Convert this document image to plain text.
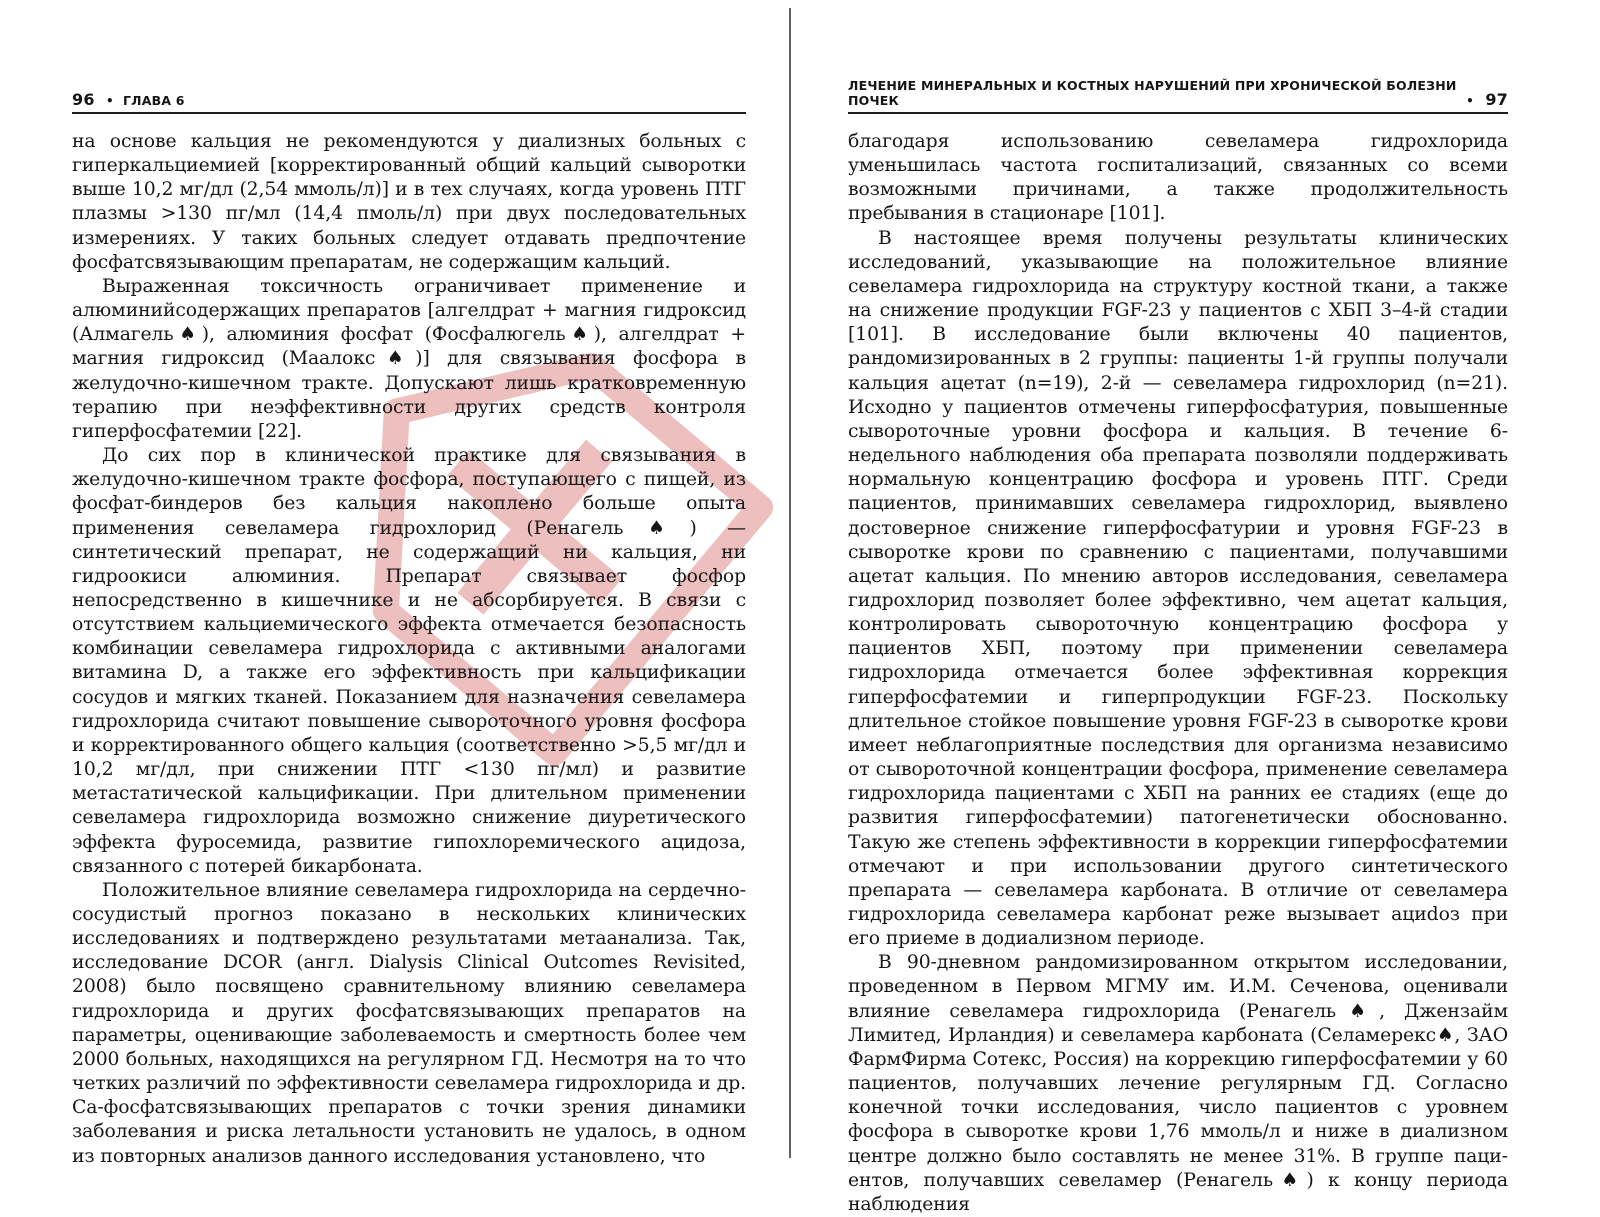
96 • ГЛАВА 6

на основе кальция не рекомендуются у диализных больных с гиперкальциемией [корректированный общий кальций сыворотки выше 10,2 мг/дл (2,54 ммоль/л)] и в тех случаях, когда уровень ПТГ плазмы >130 пг/мл (14,4 пмоль/л) при двух последовательных измерениях. У таких больных следует отдавать предпочтение фосфатсвязывающим препаратам, не содержащим кальций.

Выраженная токсичность ограничивает применение и алюминийсодержащих препаратов [алгелдрат + магния гидроксид (Алмагель♠), алюминия фосфат (Фосфалюгель♠), алгелдрат + магния гидроксид (Маалокс♠)] для связывания фосфора в желудочно-кишечном тракте. Допускают лишь кратковременную терапию при неэффективности других средств контроля гиперфосфатемии [22].

До сих пор в клинической практике для связывания в желудочно-кишечном тракте фосфора, поступающего с пищей, из фосфат-биндеров без кальция накоплено больше опыта применения севеламера гидрохлорид (Ренагель♠) — синтетический препарат, не содержащий ни кальция, ни гидроокиси алюминия. Препарат связывает фосфор непосредственно в кишечнике и не абсорбируется. В связи с отсутствием кальциемического эффекта отмечается безопасность комбинации севеламера гидрохлорида с активными аналогами витамина D, а также его эффективность при кальцификации сосудов и мягких тканей. Показанием для назначения севеламера гидрохлорида считают повышение сывороточного уровня фосфора и корректированного общего кальция (соответственно >5,5 мг/дл и 10,2 мг/дл, при снижении ПТГ <130 пг/мл) и развитие метастатической кальцификации. При длительном применении севеламера гидрохлорида возможно снижение диуретического эффекта фуросемида, развитие гипохлоремического ацидоза, связанного с потерей бикарбоната.

Положительное влияние севеламера гидрохлорида на сердечно-сосудистый прогноз показано в нескольких клинических исследованиях и подтверждено результатами метаанализа. Так, исследование DCOR (англ. Dialysis Clinical Outcomes Revisited, 2008) было посвящено сравнительному влиянию севеламера гидрохлорида и других фосфатсвязывающих препаратов на параметры, оценивающие заболеваемость и смертность более чем 2000 больных, находящихся на регулярном ГД. Несмотря на то что четких различий по эффективности севеламера гидрохлорида и др. Са-фосфатсвязывающих препаратов с точки зрения динамики заболевания и риска летальности установить не удалось, в одном из повторных анализов данного исследования установлено, что

ЛЕЧЕНИЕ МИНЕРАЛЬНЫХ И КОСТНЫХ НАРУШЕНИЙ ПРИ ХРОНИЧЕСКОЙ БОЛЕЗНИ ПОЧЕК	• 97

благодаря использованию севеламера гидрохлорида уменьшилась частота госпитализаций, связанных со всеми возможными причинами, а также продолжительность пребывания в стационаре [101].

В настоящее время получены результаты клинических исследований, указывающие на положительное влияние севеламера гидрохлорида на структуру костной ткани, а также на снижение продукции FGF-23 у пациентов с ХБП 3–4-й стадии [101]. В исследование были включены 40 пациентов, рандомизированных в 2 группы: пациенты 1-й группы получали кальция ацетат (n=19), 2-й — севеламера гидрохлорид (n=21). Исходно у пациентов отмечены гиперфосфатурия, повышенные сывороточные уровни фосфора и кальция. В течение 6-недельного наблюдения оба препарата позволяли поддерживать нормальную концентрацию фосфора и уровень ПТГ. Среди пациентов, принимавших севеламера гидрохлорид, выявлено достоверное снижение гиперфосфатурии и уровня FGF-23 в сыворотке крови по сравнению с пациентами, получавшими ацетат кальция. По мнению авторов исследования, севеламера гидрохлорид позволяет более эффективно, чем ацетат кальция, контролировать сывороточную концентрацию фосфора у пациентов ХБП, поэтому при применении севеламера гидрохлорида отмечается более эффективная коррекция гиперфосфатемии и гиперпродукции FGF-23. Поскольку длительное стойкое повышение уровня FGF-23 в сыворотке крови имеет неблагоприятные последствия для организма независимо от сывороточной концентрации фосфора, применение севеламера гидрохлорида пациентами с ХБП на ранних ее стадиях (еще до развития гиперфосфатемии) патогенетически обоснованно. Такую же степень эффективности в коррекции гиперфосфатемии отмечают и при использовании другого синтетического препарата — севеламера карбоната. В отличие от севеламера гидрохлорида севеламера карбонат реже вызывает ациdоз при его приеме в додиализном периоде.

В 90-дневном рандомизированном открытом исследовании, проведенном в Первом МГМУ им. И.М. Сеченова, оценивали влияние севеламера гидрохлорида (Ренагель♠, Джензайм Лимитед, Ирландия) и севеламера карбоната (Селамерекс♠, ЗАО ФармФирма Сотекс, Россия) на коррекцию гиперфосфатемии у 60 пациентов, получавших лечение регулярным ГД. Согласно конечной точки исследования, число пациентов с уровнем фосфора в сыворотке крови 1,76 ммоль/л и ниже в диализном центре должно было составлять не менее 31%. В группе пациентов, получавших севеламер (Ренагель♠) к концу периода наблюдения
